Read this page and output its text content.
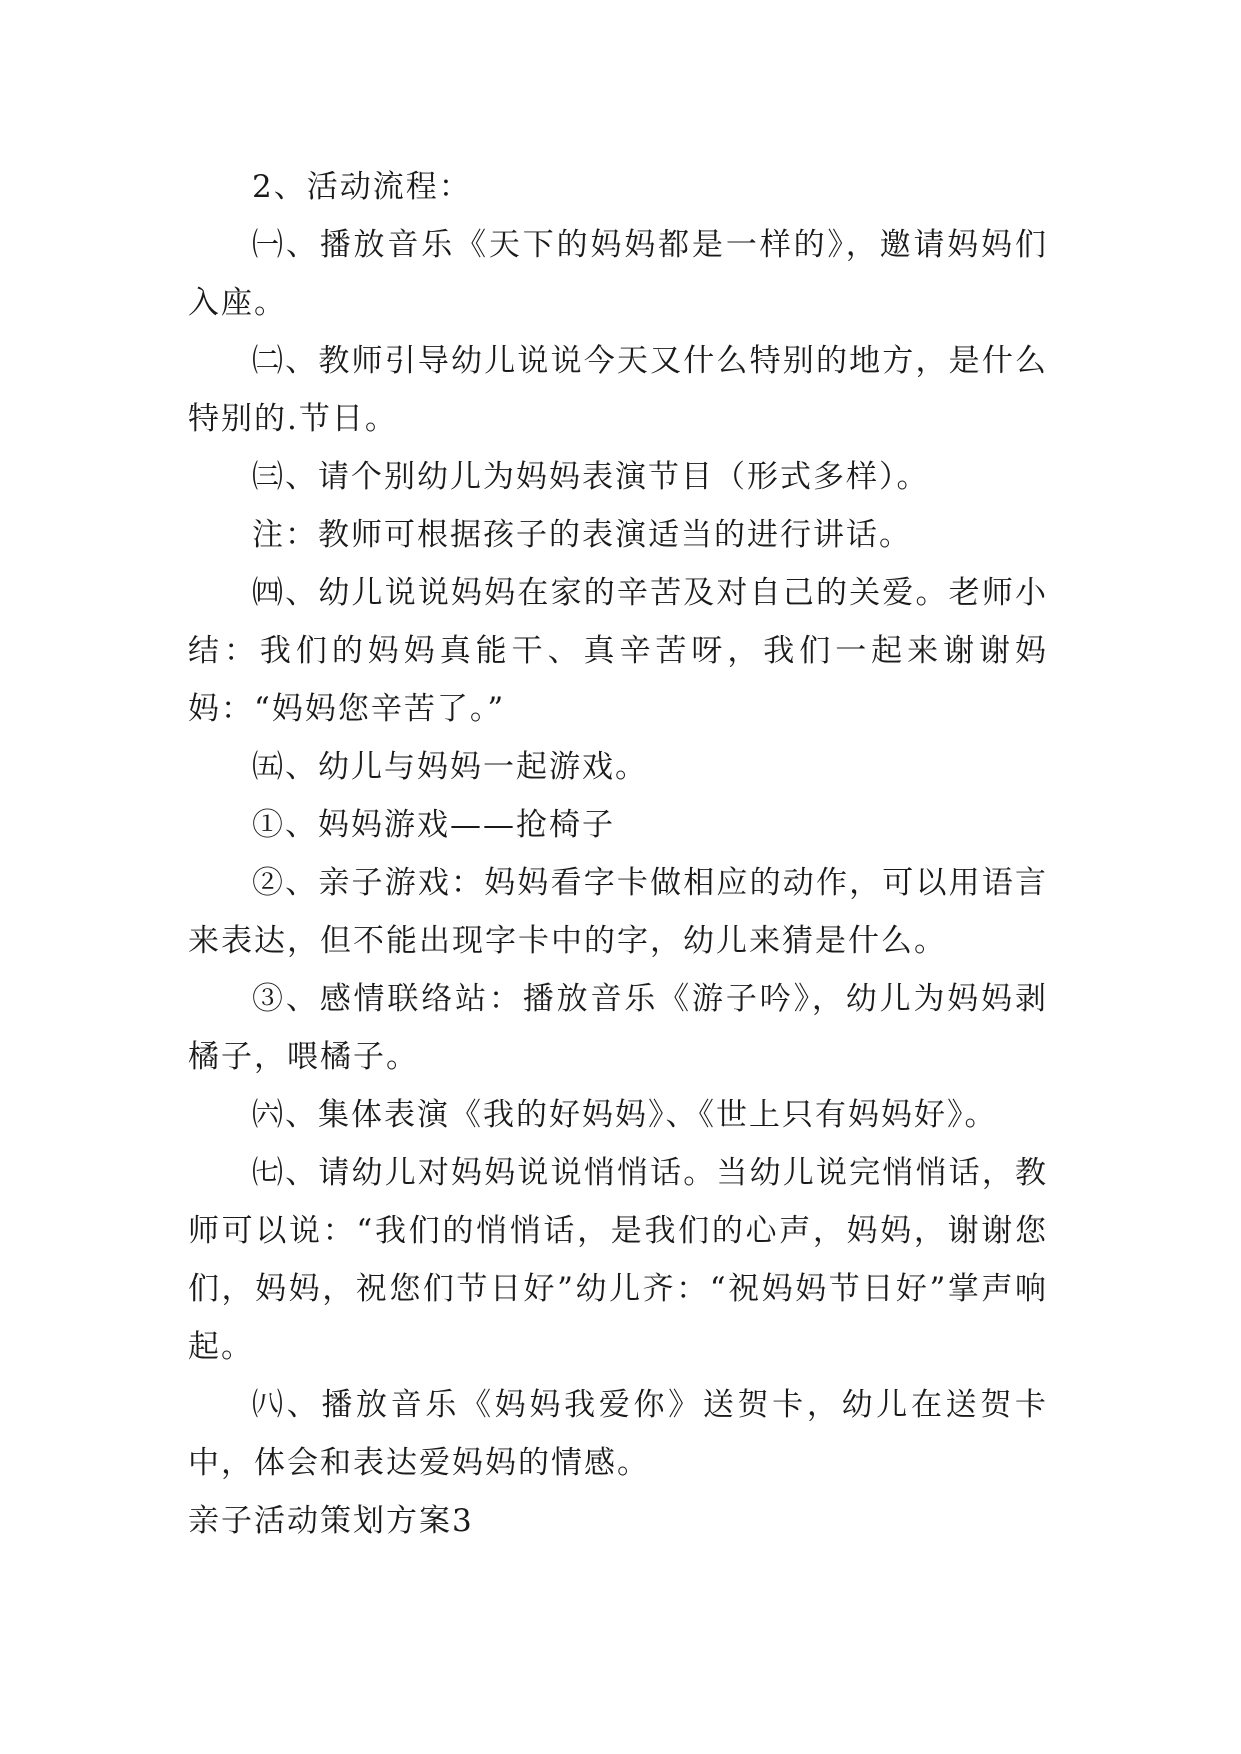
2、活动流程：

㈠、播放音乐《天下的妈妈都是一样的》，邀请妈妈们入座。

㈡、教师引导幼儿说说今天又什么特别的地方，是什么特别的.节日。

㈢、请个别幼儿为妈妈表演节目（形式多样）。

注：教师可根据孩子的表演适当的进行讲话。

㈣、幼儿说说妈妈在家的辛苦及对自己的关爱。老师小结：我们的妈妈真能干、真辛苦呀，我们一起来谢谢妈妈：“妈妈您辛苦了。”

㈤、幼儿与妈妈一起游戏。

①、妈妈游戏——抢椅子

②、亲子游戏：妈妈看字卡做相应的动作，可以用语言来表达，但不能出现字卡中的字，幼儿来猜是什么。

③、感情联络站：播放音乐《游子吟》，幼儿为妈妈剥橘子，喂橘子。

㈥、集体表演《我的好妈妈》、《世上只有妈妈好》。

㈦、请幼儿对妈妈说说悄悄话。当幼儿说完悄悄话，教师可以说：“我们的悄悄话，是我们的心声，妈妈，谢谢您们，妈妈，祝您们节日好”幼儿齐：“祝妈妈节日好”掌声响起。

㈧、播放音乐《妈妈我爱你》送贺卡，幼儿在送贺卡中，体会和表达爱妈妈的情感。

亲子活动策划方案3
